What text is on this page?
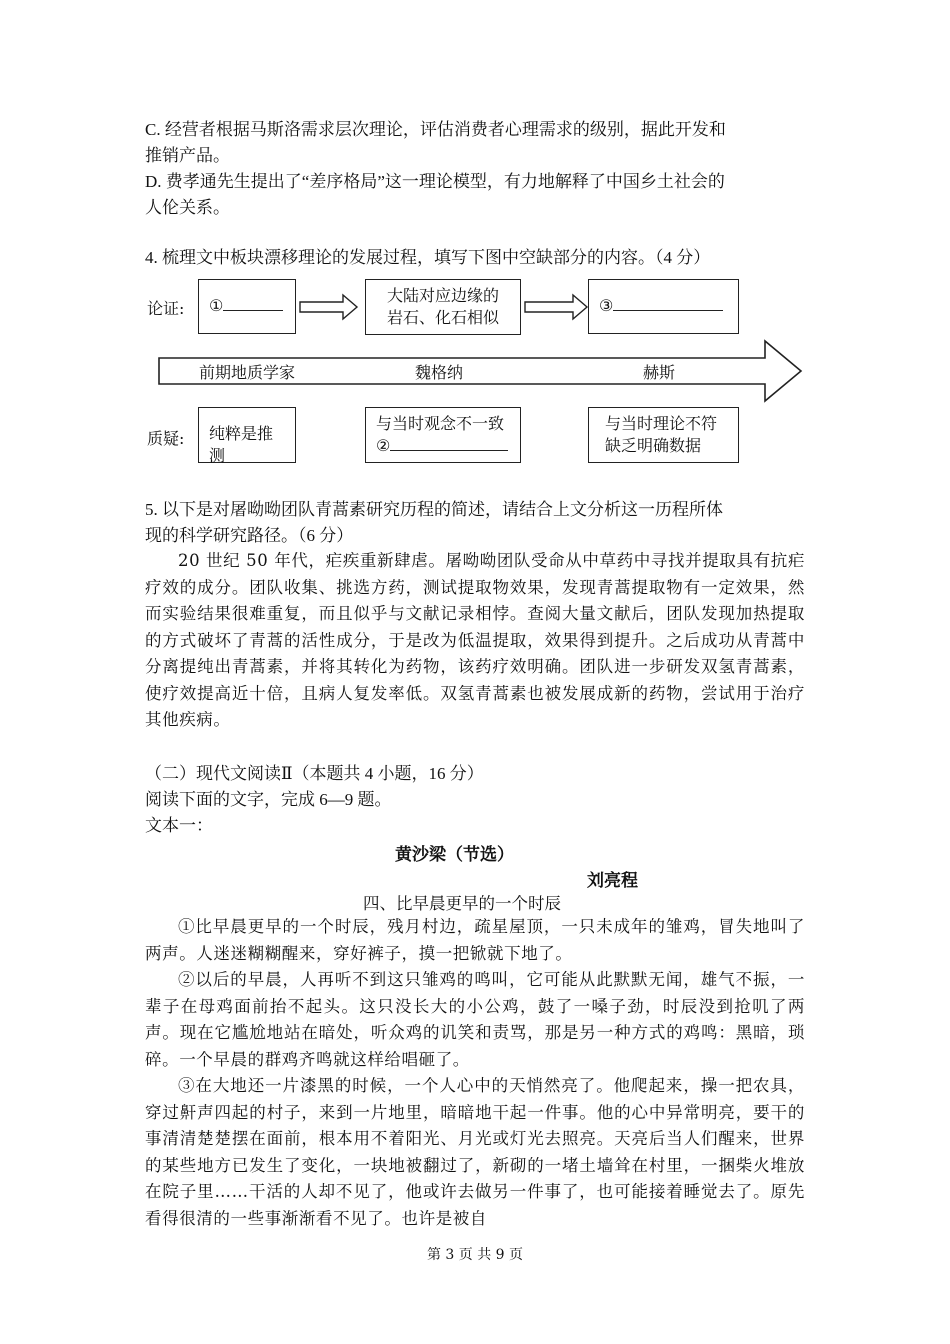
C. 经营者根据马斯洛需求层次理论，评估消费者心理需求的级别，据此开发和
推销产品。
D. 费孝通先生提出了“差序格局”这一理论模型，有力地解释了中国乡土社会的
人伦关系。
4. 梳理文中板块漂移理论的发展过程，填写下图中空缺部分的内容。（4 分）
论证:
质疑:
①
大陆对应边缘的
岩石、化石相似
③
前期地质学家	魏格纳	赫斯
纯粹是推测
与当时观念不一致
②
与当时理论不符
缺乏明确数据
5. 以下是对屠呦呦团队青蒿素研究历程的简述，请结合上文分析这一历程所体
现的科学研究路径。（6 分）

20 世纪 50 年代，疟疾重新肆虐。屠呦呦团队受命从中草药中寻找并提取具有抗疟疗效的成分。团队收集、挑选方药，测试提取物效果，发现青蒿提取物有一定效果，然而实验结果很难重复，而且似乎与文献记录相悖。查阅大量文献后，团队发现加热提取的方式破坏了青蒿的活性成分，于是改为低温提取，效果得到提升。之后成功从青蒿中分离提纯出青蒿素，并将其转化为药物，该药疗效明确。团队进一步研发双氢青蒿素，使疗效提高近十倍，且病人复发率低。双氢青蒿素也被发展成新的药物，尝试用于治疗其他疾病。

（二）现代文阅读Ⅱ（本题共 4 小题，16 分）
阅读下面的文字，完成 6—9 题。
文本一：
黄沙梁（节选）
刘亮程
四、比早晨更早的一个时辰

①比早晨更早的一个时辰，残月村边，疏星屋顶，一只未成年的雏鸡，冒失地叫了两声。人迷迷糊糊醒来，穿好裤子，摸一把锨就下地了。

②以后的早晨，人再听不到这只雏鸡的鸣叫，它可能从此默默无闻，雄气不振，一辈子在母鸡面前抬不起头。这只没长大的小公鸡，鼓了一嗓子劲，时辰没到抢叽了两声。现在它尴尬地站在暗处，听众鸡的讥笑和责骂，那是另一种方式的鸡鸣：黑暗，琐碎。一个早晨的群鸡齐鸣就这样给唱砸了。

③在大地还一片漆黑的时候，一个人心中的天悄然亮了。他爬起来，操一把农具，穿过鼾声四起的村子，来到一片地里，暗暗地干起一件事。他的心中异常明亮，要干的事清清楚楚摆在面前，根本用不着阳光、月光或灯光去照亮。天亮后当人们醒来，世界的某些地方已发生了变化，一块地被翻过了，新砌的一堵土墙耸在村里，一捆柴火堆放在院子里……干活的人却不见了，他或许去做另一件事了，也可能接着睡觉去了。原先看得很清的一些事渐渐看不见了。也许是被自

第 3 页 共 9 页
